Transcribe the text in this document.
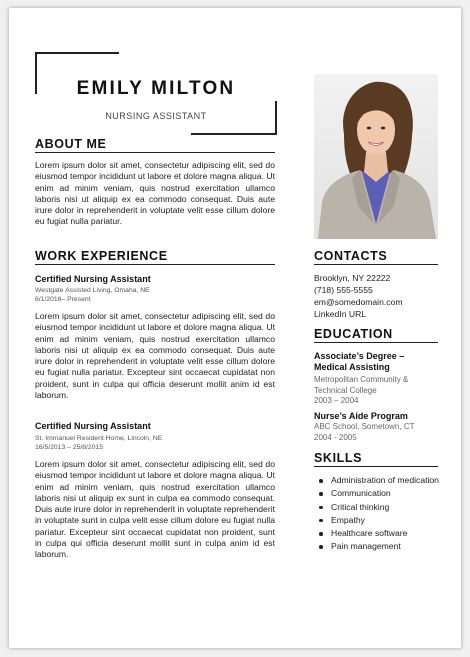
EMILY MILTON
NURSING ASSISTANT
ABOUT ME
Lorem ipsum dolor sit amet, consectetur adipiscing elit, sed do eiusmod tempor incididunt ut labore et dolore magna aliqua. Ut enim ad minim veniam, quis nostrud exercitation ullamco laboris nisi ut aliquip ex ea commodo consequat. Duis aute irure dolor in reprehenderit in voluptate velit esse cillum dolore eu fugiat nulla pariatur.
WORK EXPERIENCE
Certified Nursing Assistant
Westgate Assisted Living, Omaha, NE
6/1/2016– Present
Lorem ipsum dolor sit amet, consectetur adipiscing elit, sed do eiusmod tempor incididunt ut labore et dolore magna aliqua. Ut enim ad minim veniam, quis nostrud exercitation ullamco laboris nisi ut aliquip ex ea commodo consequat. Duis aute irure dolor in reprehenderit in voluptate velit esse cillum dolore eu fugiat nulla pariatur. Excepteur sint occaecat cupidatat non proident, sunt in culpa qui officia deserunt mollit anim id est laborum.
Certified Nursing Assistant
St. Immanuel Resident Home, Lincoln, NE
16/5/2013 – 25/8/2015
Lorem ipsum dolor sit amet, consectetur adipiscing elit, sed do eiusmod tempor incididunt ut labore et dolore magna aliqua. Ut enim ad minim veniam, quis nostrud exercitation ullamco laboris nisi ut aliquip ex sunt in culpa ea commodo consequat. Duis aute irure dolor in reprehenderit in voluptate reprehenderit in voluptate sunt in culpa velit esse cillum dolore eu fugiat nulla pariatur. Excepteur sint occaecat cupidatat non proident, sunt in culpa qui officia deserunt mollit sunt in culpa anim id est laborum.
CONTACTS
Brooklyn, NY 22222
(718) 555-5555
em@somedomain.com
LinkedIn URL
EDUCATION
Associate’s Degree – Medical Assisting
Metropolitan Community & Technical College
2003 – 2004
Nurse’s Aide Program
ABC School, Sometown, CT
2004 - 2005
SKILLS
Administration of medication
Communication
Critical thinking
Empathy
Healthcare software
Pain management
